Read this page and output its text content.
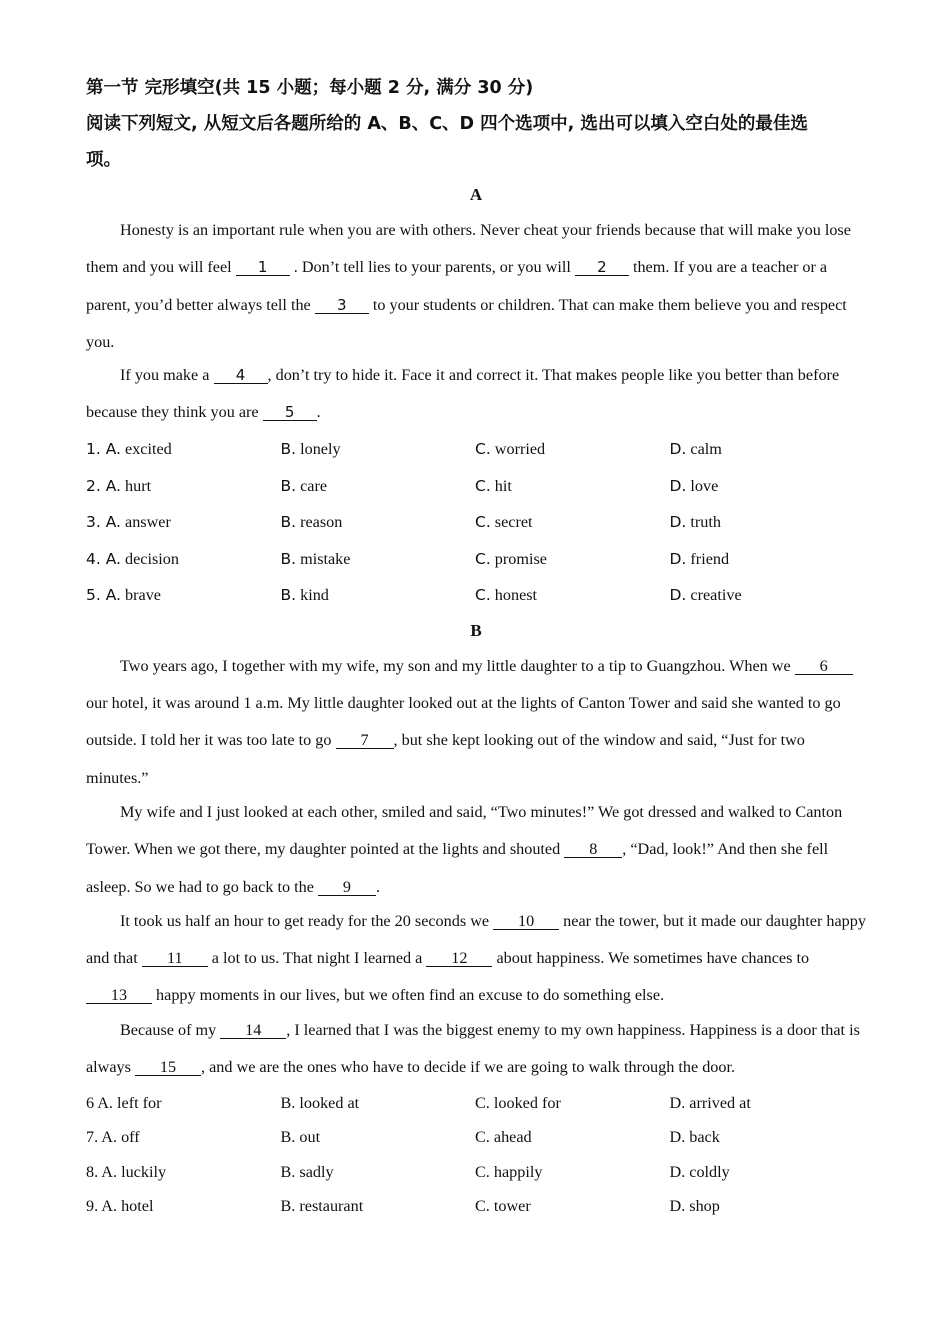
第一节 完形填空(共 15 小题；每小题 2 分, 满分 30 分)
阅读下列短文, 从短文后各题所给的 A、B、C、D 四个选项中, 选出可以填入空白处的最佳选
项。
A

Honesty is an important rule when you are with others. Never cheat your friends because that will make you lose them and you will feel 1 . Don’t tell lies to your parents, or you will 2 them. If you are a teacher or a parent, you’d better always tell the 3 to your students or children. That can make them believe you and respect you.

If you make a 4 , don’t try to hide it. Face it and correct it. That makes people like you better than before because they think you are 5 .

1. A. excited	B. lonely	C. worried	D. calm
2. A. hurt	B. care	C. hit	D. love
3. A. answer	B. reason	C. secret	D. truth
4. A. decision	B. mistake	C. promise	D. friend
5. A. brave	B. kind	C. honest	D. creative
B

Two years ago, I together with my wife, my son and my little daughter to a tip to Guangzhou. When we 6 our hotel, it was around 1 a.m. My little daughter looked out at the lights of Canton Tower and said she wanted to go outside. I told her it was too late to go 7 , but she kept looking out of the window and said, “Just for two minutes.”

My wife and I just looked at each other, smiled and said, “Two minutes!” We got dressed and walked to Canton Tower. When we got there, my daughter pointed at the lights and shouted 8 , “Dad, look!” And then she fell asleep. So we had to go back to the 9 .

It took us half an hour to get ready for the 20 seconds we 10 near the tower, but it made our daughter happy and that 11 a lot to us. That night I learned a 12 about happiness. We sometimes have chances to 13 happy moments in our lives, but we often find an excuse to do something else.

Because of my 14 , I learned that I was the biggest enemy to my own happiness. Happiness is a door that is always 15 , and we are the ones who have to decide if we are going to walk through the door.

6 A. left for	B. looked at	C. looked for	D. arrived at
7. A. off	B. out	C. ahead	D. back
8. A. luckily	B. sadly	C. happily	D. coldly
9. A. hotel	B. restaurant	C. tower	D. shop
